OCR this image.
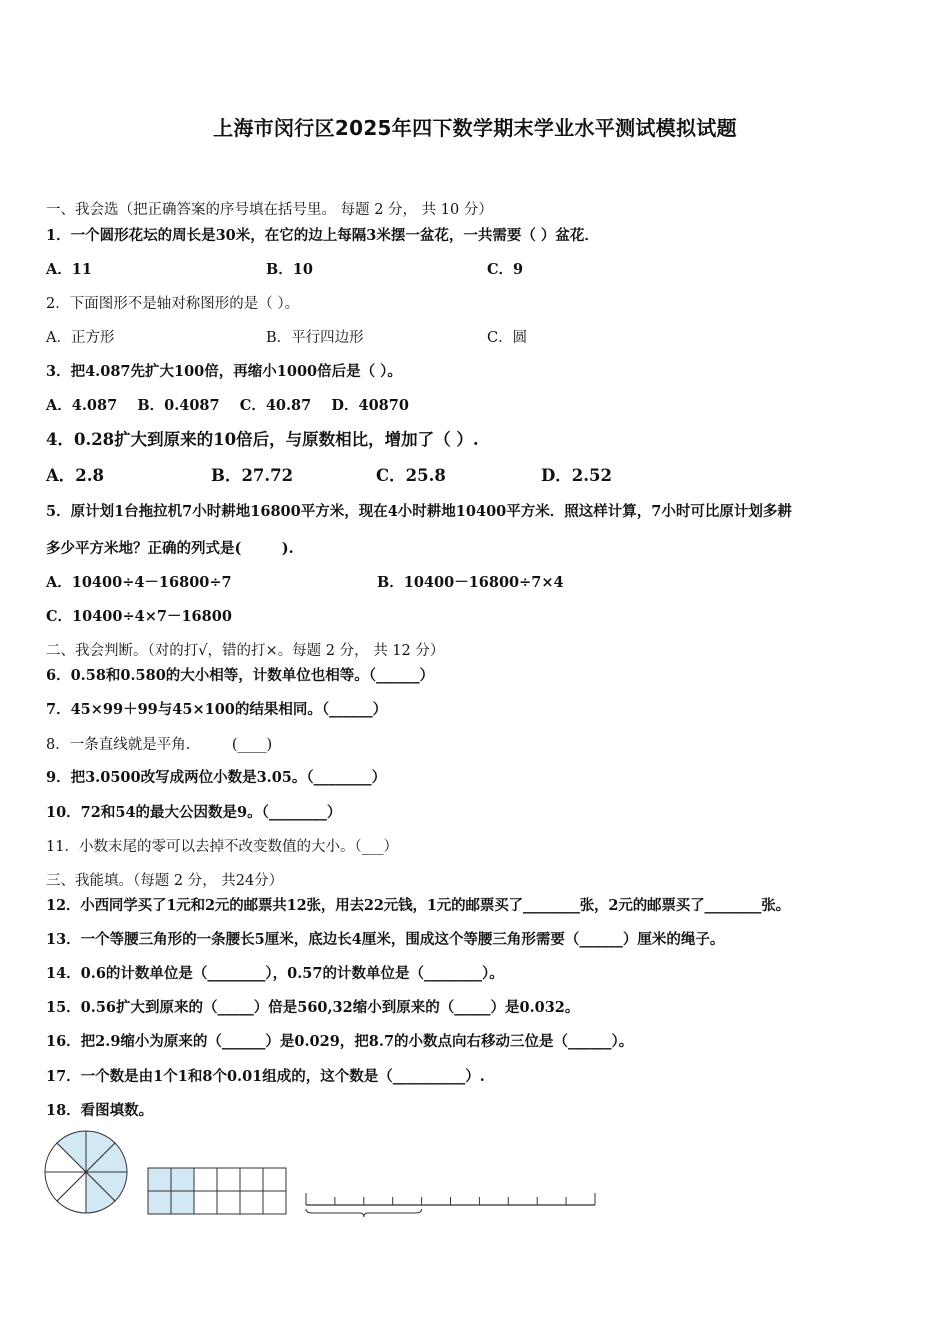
上海市闵行区2025年四下数学期末学业水平测试模拟试题
一、我会选（把正确答案的序号填在括号里。 每题 2 分， 共 10 分）
1．一个圆形花坛的周长是30米，在它的边上每隔3米摆一盆花，一共需要（ ）盆花．
A．11	B．10	C．9
2．下面图形不是轴对称图形的是（ ）。
A．正方形	B．平行四边形	C．圆
3．把4.087先扩大100倍，再缩小1000倍后是（ ）。
A．4.087    B．0.4087    C．40.87    D．40870
4．0.28扩大到原来的10倍后，与原数相比，增加了（ ）.
A．2.8	B．27.72	C．25.8	D．2.52
5．原计划1台拖拉机7小时耕地16800平方米，现在4小时耕地10400平方米．照这样计算，7小时可比原计划多耕
多少平方米地？正确的列式是(        ).
A．10400÷4－16800÷7	B．10400－16800÷7×4
C．10400÷4×7－16800
二、我会判断。（对的打√，错的打×。每题 2 分， 共 12 分）
6．0.58和0.580的大小相等，计数单位也相等。（______）
7．45×99＋99与45×100的结果相同。（______）
8．一条直线就是平角.         (____)
9．把3.0500改写成两位小数是3.05。（________）
10．72和54的最大公因数是9。（________）
11．小数末尾的零可以去掉不改变数值的大小。（___）
三、我能填。（每题 2 分， 共24分）
12．小西同学买了1元和2元的邮票共12张，用去22元钱，1元的邮票买了________张，2元的邮票买了________张。
13．一个等腰三角形的一条腰长5厘米，底边长4厘米，围成这个等腰三角形需要（______）厘米的绳子。
14．0.6的计数单位是（________），0.57的计数单位是（________）。
15．0.56扩大到原来的（_____）倍是560,32缩小到原来的（_____）是0.032。
16．把2.9缩小为原来的（______）是0.029，把8.7的小数点向右移动三位是（______）。
17．一个数是由1个1和8个0.01组成的，这个数是（__________）.
18．看图填数。
